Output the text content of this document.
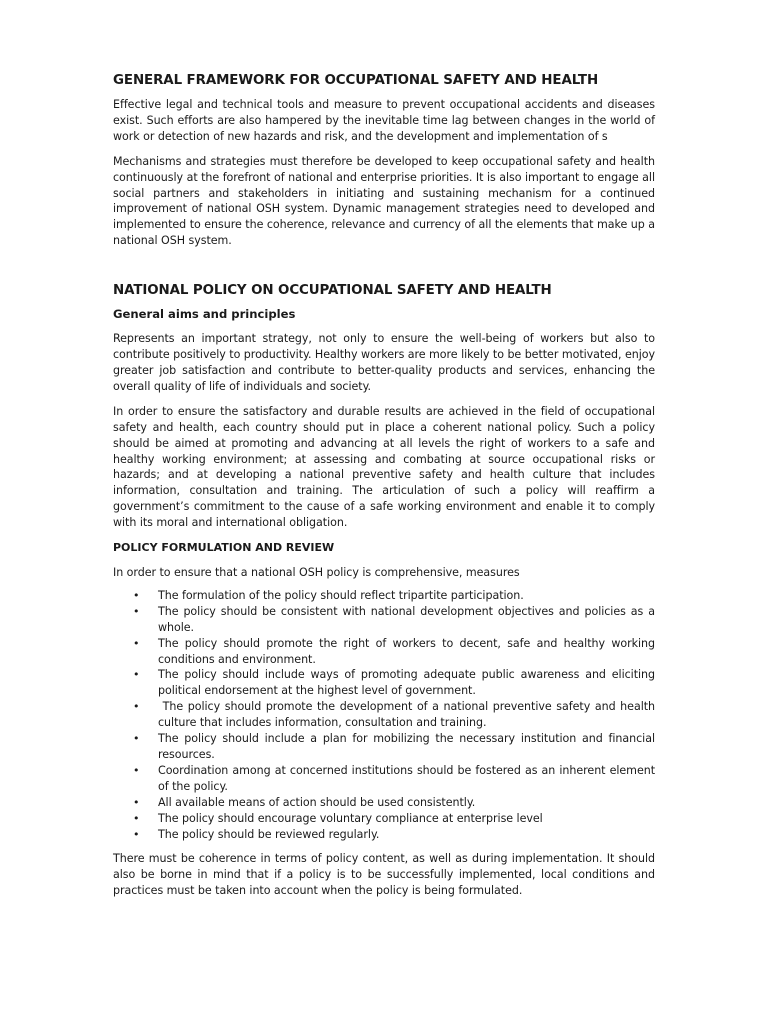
GENERAL FRAMEWORK FOR OCCUPATIONAL SAFETY AND HEALTH

Effective legal and technical tools and measure to prevent occupational accidents and diseases exist. Such efforts are also hampered by the inevitable time lag between changes in the world of work or detection of new hazards and risk, and the development and implementation of s

Mechanisms and strategies must therefore be developed to keep occupational safety and health continuously at the forefront of national and enterprise priorities. It is also important to engage all social partners and stakeholders in initiating and sustaining mechanism for a continued improvement of national OSH system. Dynamic management strategies need to developed and implemented to ensure the coherence, relevance and currency of all the elements that make up a national OSH system.

NATIONAL POLICY ON OCCUPATIONAL SAFETY AND HEALTH
General aims and principles

Represents an important strategy, not only to ensure the well-being of workers but also to contribute positively to productivity. Healthy workers are more likely to be better motivated, enjoy greater job satisfaction and contribute to better-quality products and services, enhancing the overall quality of life of individuals and society.

In order to ensure the satisfactory and durable results are achieved in the field of occupational safety and health, each country should put in place a coherent national policy. Such a policy should be aimed at promoting and advancing at all levels the right of workers to a safe and healthy working environment; at assessing and combating at source occupational risks or hazards; and at developing a national preventive safety and health culture that includes information, consultation and training. The articulation of such a policy will reaffirm a government’s commitment to the cause of a safe working environment and enable it to comply with its moral and international obligation.

POLICY FORMULATION AND REVIEW

In order to ensure that a national OSH policy is comprehensive, measures

• The formulation of the policy should reflect tripartite participation.
• The policy should be consistent with national development objectives and policies as a whole.
• The policy should promote the right of workers to decent, safe and healthy working conditions and environment.
• The policy should include ways of promoting adequate public awareness and eliciting political endorsement at the highest level of government.
• The policy should promote the development of a national preventive safety and health culture that includes information, consultation and training.
• The policy should include a plan for mobilizing the necessary institution and financial resources.
• Coordination among at concerned institutions should be fostered as an inherent element of the policy.
• All available means of action should be used consistently.
• The policy should encourage voluntary compliance at enterprise level
• The policy should be reviewed regularly.

There must be coherence in terms of policy content, as well as during implementation. It should also be borne in mind that if a policy is to be successfully implemented, local conditions and practices must be taken into account when the policy is being formulated.
